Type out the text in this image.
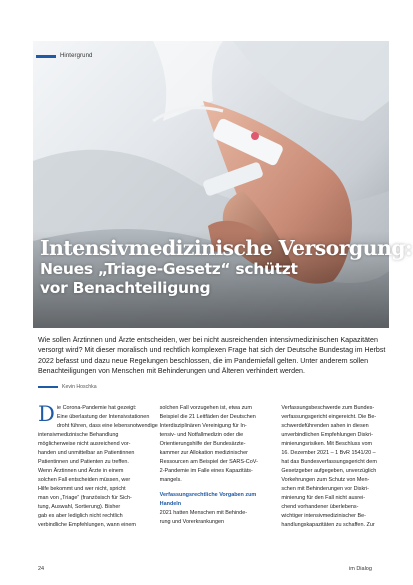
Hintergrund
Intensivmedizinische Versorgung:
Neues „Triage-Gesetz“ schützt
vor Benachteiligung
Wie sollen Ärztinnen und Ärzte entscheiden, wer bei nicht ausreichenden intensivmedizinischen Kapazitäten versorgt wird? Mit dieser moralisch und rechtlich komplexen Frage hat sich der Deutsche Bundestag im Herbst 2022 befasst und dazu neue Regelungen beschlossen, die im Pandemiefall gelten. Unter anderem sollen Benachteiligungen von Menschen mit Behinderungen und Älteren verhindert werden.
Kevin Hoschka
D ie Corona-Pandemie hat gezeigt:
Eine überlastung der Intensivstationen
droht führen, dass eine lebensnotwendige
intensivmedizinische Behandlung
möglicherweise nicht ausreichend vor-
handen und unmittelbar an Patientinnen
Patientinnen und Patienten zu treffen.
Wenn Ärztinnen und Ärzte in einem
solchen Fall entscheiden müssen, wer
Hilfe bekommt und wer nicht, spricht
man von „Triage“ (französisch für Sich-
tung, Auswahl, Sortierung). Bisher
gab es aber lediglich nicht rechtlich
verbindliche Empfehlungen, wann einem
solchen Fall vorzugehen ist, etwa zum
Beispiel die 21 Leitfäden der Deutschen
Interdisziplinären Vereinigung für In-
tensiv- und Notfallmedizin oder die
Orientierungshilfe der Bundesärzte-
kammer zur Allokation medizinischer
Ressourcen am Beispiel der SARS-CoV-
2-Pandemie im Falle eines Kapazitäts-
mangels.
Verfassungsrechtliche Vorgaben zum
Handeln
2021 hatten Menschen mit Behinde-
rung und Vorerkrankungen
Verfassungsbeschwerde zum Bundes-
verfassungsgericht eingereicht. Die Be-
schwerdeführenden sahen in diesen
unverbindlichen Empfehlungen Diskri-
minierungsrisiken. Mit Beschluss vom
16. Dezember 2021 – 1 BvR 1541/20 –
hat das Bundesverfassungsgericht dem
Gesetzgeber aufgegeben, unverzüglich
Vorkehrungen zum Schutz von Men-
schen mit Behinderungen vor Diskri-
minierung für den Fall nicht ausrei-
chend vorhandener überlebens-
wichtiger intensivmedizinischer Be-
handlungskapazitäten zu schaffen. Zur
24	im Dialog
